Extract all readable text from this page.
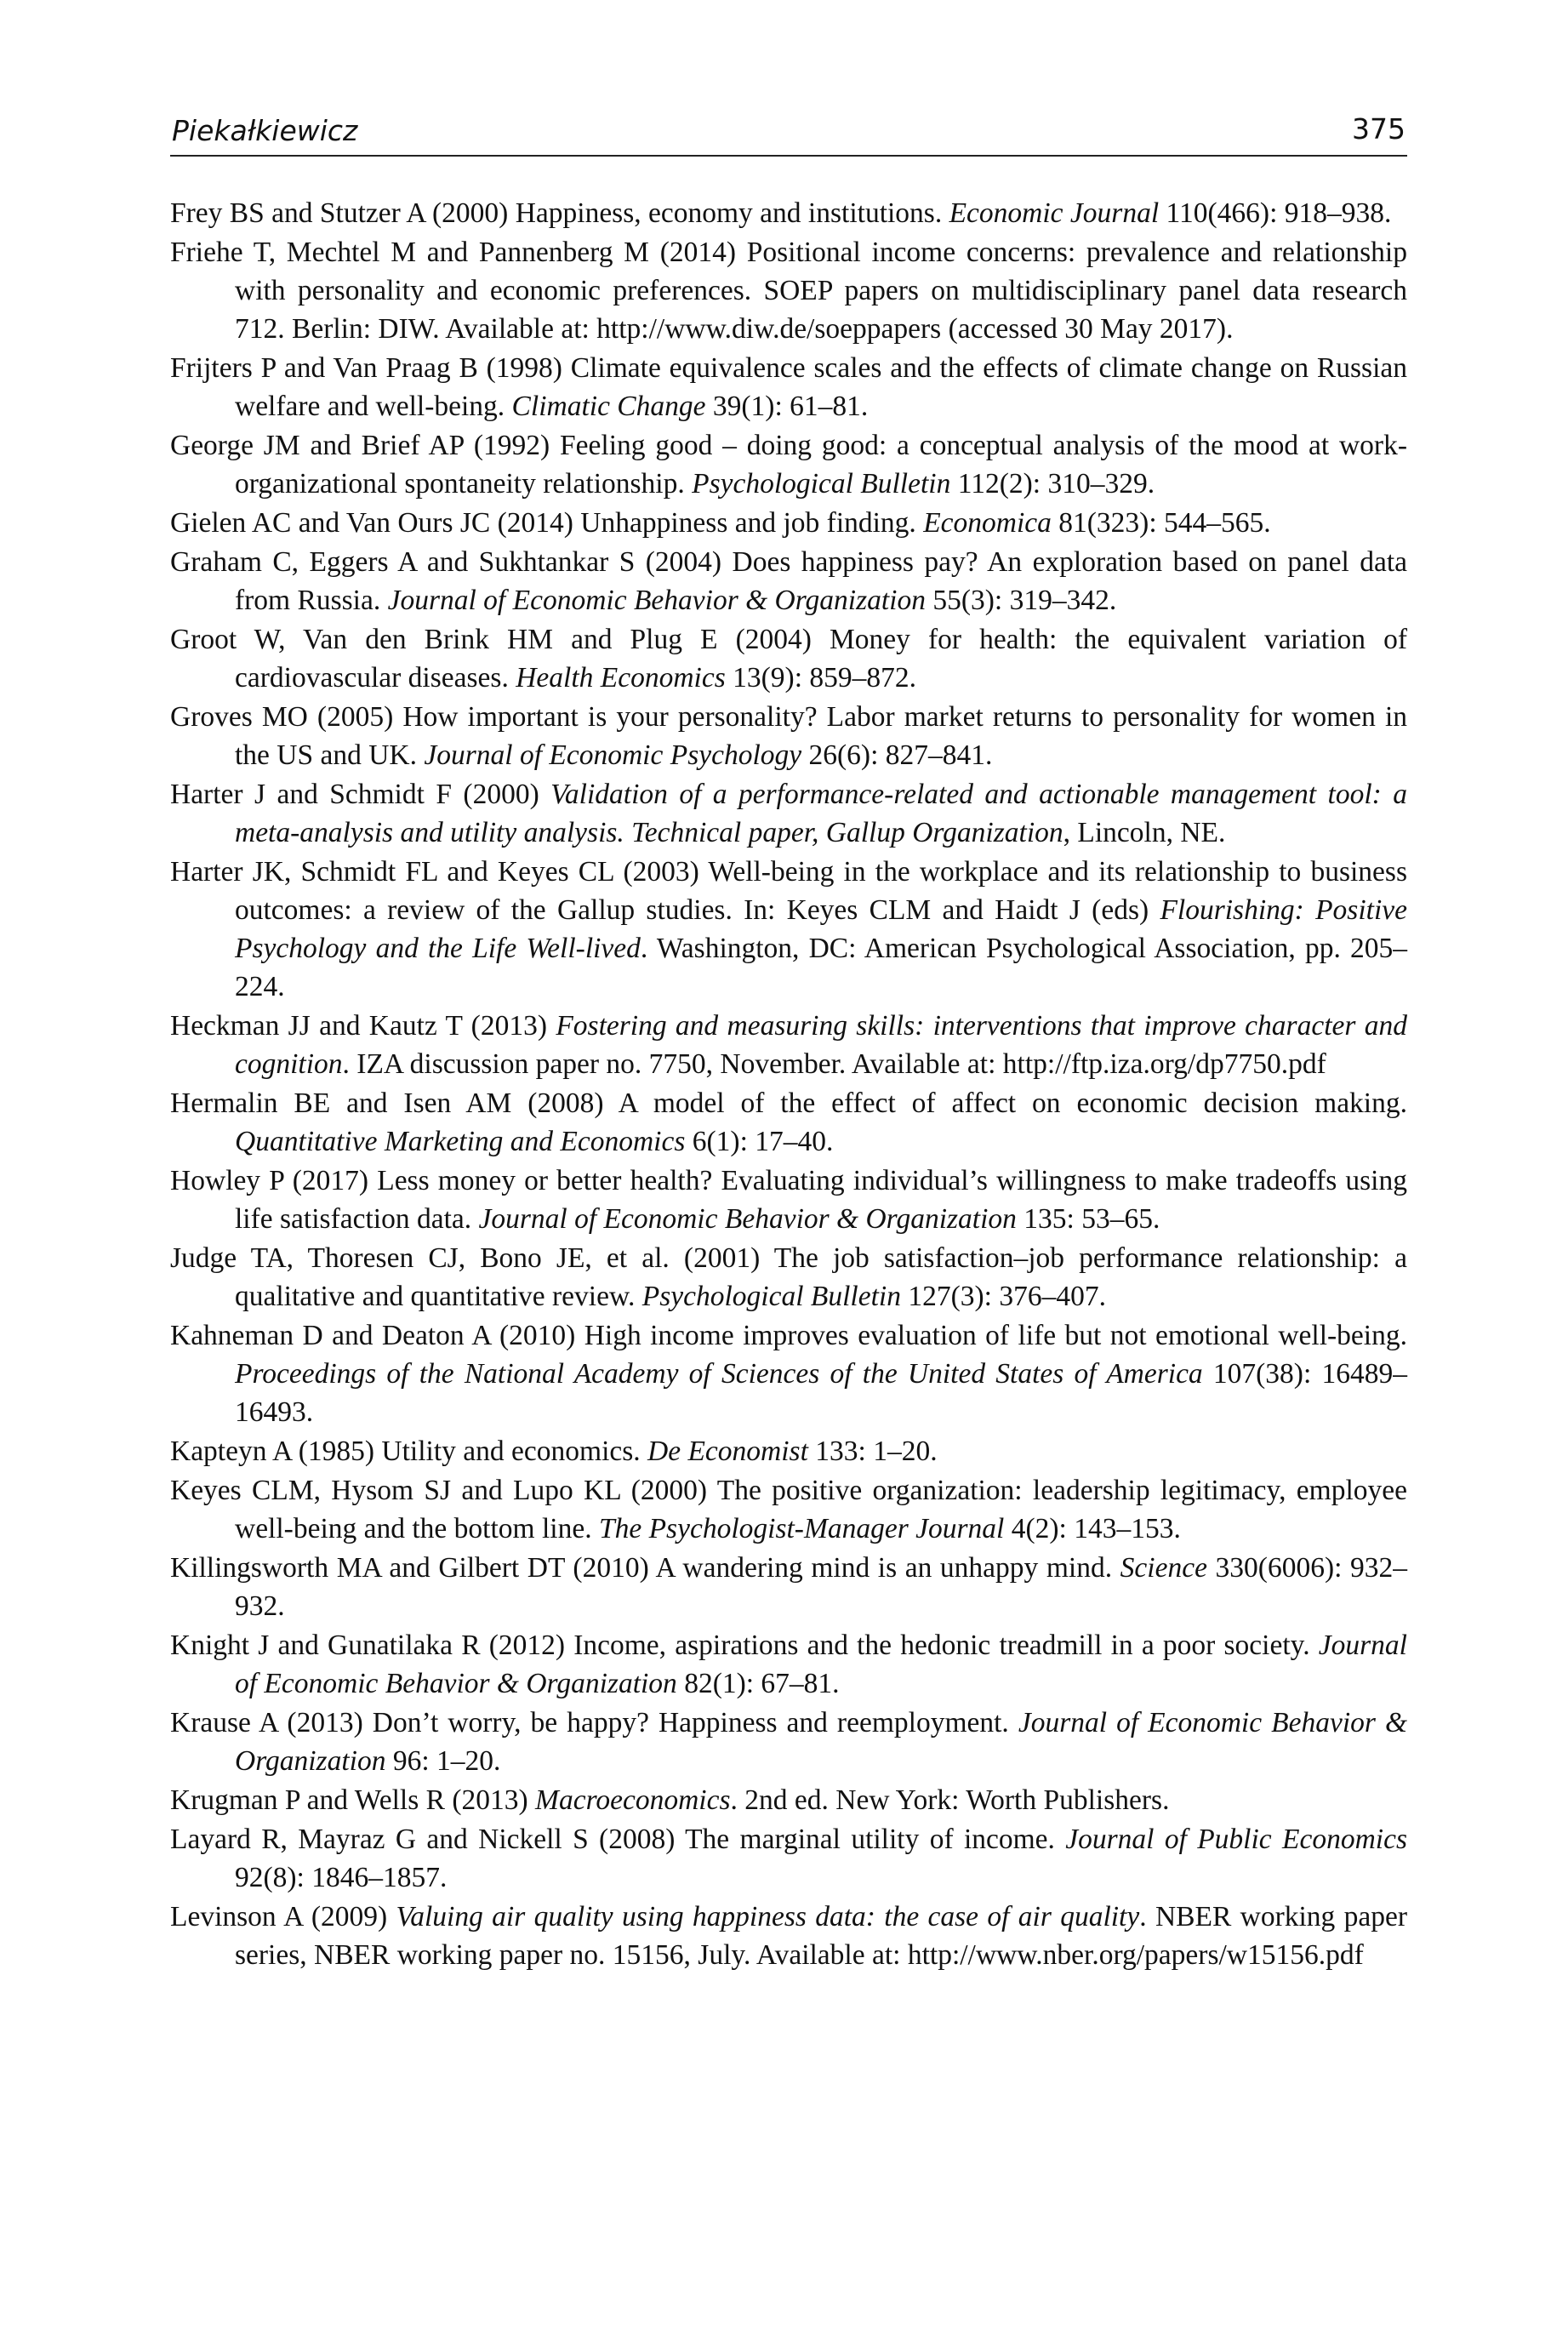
Piekałkiewicz	375

Frey BS and Stutzer A (2000) Happiness, economy and institutions. Economic Journal 110(466): 918–938.

Friehe T, Mechtel M and Pannenberg M (2014) Positional income concerns: prevalence and relationship with personality and economic preferences. SOEP papers on multidisciplinary panel data research 712. Berlin: DIW. Available at: http://www.diw.de/soeppapers (accessed 30 May 2017).

Frijters P and Van Praag B (1998) Climate equivalence scales and the effects of climate change on Russian welfare and well-being. Climatic Change 39(1): 61–81.

George JM and Brief AP (1992) Feeling good – doing good: a conceptual analysis of the mood at work-organizational spontaneity relationship. Psychological Bulletin 112(2): 310–329.

Gielen AC and Van Ours JC (2014) Unhappiness and job finding. Economica 81(323): 544–565.

Graham C, Eggers A and Sukhtankar S (2004) Does happiness pay? An exploration based on panel data from Russia. Journal of Economic Behavior & Organization 55(3): 319–342.

Groot W, Van den Brink HM and Plug E (2004) Money for health: the equivalent variation of cardiovascular diseases. Health Economics 13(9): 859–872.

Groves MO (2005) How important is your personality? Labor market returns to personality for women in the US and UK. Journal of Economic Psychology 26(6): 827–841.

Harter J and Schmidt F (2000) Validation of a performance-related and actionable management tool: a meta-analysis and utility analysis. Technical paper, Gallup Organization, Lincoln, NE.

Harter JK, Schmidt FL and Keyes CL (2003) Well-being in the workplace and its relationship to business outcomes: a review of the Gallup studies. In: Keyes CLM and Haidt J (eds) Flourishing: Positive Psychology and the Life Well-lived. Washington, DC: American Psychological Association, pp. 205–224.

Heckman JJ and Kautz T (2013) Fostering and measuring skills: interventions that improve character and cognition. IZA discussion paper no. 7750, November. Available at: http://ftp.iza.org/dp7750.pdf

Hermalin BE and Isen AM (2008) A model of the effect of affect on economic decision making. Quantitative Marketing and Economics 6(1): 17–40.

Howley P (2017) Less money or better health? Evaluating individual’s willingness to make tradeoffs using life satisfaction data. Journal of Economic Behavior & Organization 135: 53–65.

Judge TA, Thoresen CJ, Bono JE, et al. (2001) The job satisfaction–job performance relationship: a qualitative and quantitative review. Psychological Bulletin 127(3): 376–407.

Kahneman D and Deaton A (2010) High income improves evaluation of life but not emotional well-being. Proceedings of the National Academy of Sciences of the United States of America 107(38): 16489–16493.

Kapteyn A (1985) Utility and economics. De Economist 133: 1–20.

Keyes CLM, Hysom SJ and Lupo KL (2000) The positive organization: leadership legitimacy, employee well-being and the bottom line. The Psychologist-Manager Journal 4(2): 143–153.

Killingsworth MA and Gilbert DT (2010) A wandering mind is an unhappy mind. Science 330(6006): 932–932.

Knight J and Gunatilaka R (2012) Income, aspirations and the hedonic treadmill in a poor society. Journal of Economic Behavior & Organization 82(1): 67–81.

Krause A (2013) Don’t worry, be happy? Happiness and reemployment. Journal of Economic Behavior & Organization 96: 1–20.

Krugman P and Wells R (2013) Macroeconomics. 2nd ed. New York: Worth Publishers.

Layard R, Mayraz G and Nickell S (2008) The marginal utility of income. Journal of Public Economics 92(8): 1846–1857.

Levinson A (2009) Valuing air quality using happiness data: the case of air quality. NBER working paper series, NBER working paper no. 15156, July. Available at: http://www.nber.org/papers/w15156.pdf
